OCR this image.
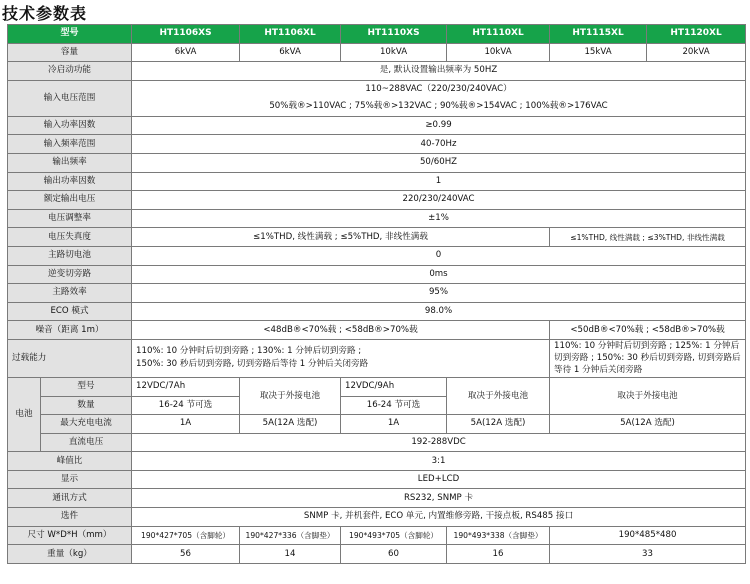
技术参数表
型号		HT1106XS	HT1106XL	HT1110XS	HT1110XL	HT1115XL	HT1120XL
容量		6kVA	6kVA	10kVA	10kVA	15kVA	20kVA
冷启动功能		是, 默认设置输出频率为 50HZ					
输入电压范围		110~288VAC（220/230/240VAC）
50%载®>110VAC ; 75%载®>132VAC ; 90%载®>154VAC ; 100%载®>176VAC					

输入功率因数		≥0.99					
输入频率范围		40-70Hz					
输出频率		50/60HZ					
输出功率因数		1					
额定输出电压		220/230/240VAC					
电压调整率		±1%					
电压失真度		≤1%THD, 线性满载 ; ≤5%THD, 非线性满载				≤1%THD, 线性满载 ; ≤3%THD, 非线性满载	
主路切电池		0					
逆变切旁路		0ms					
主路效率		95%					
ECO 模式		98.0%					
噪音（距离 1m）		<48dB®<70%载 ; <58dB®>70%载				<50dB®<70%载 ; <58dB®>70%载	
过载能力		110%: 10 分钟时后切到旁路 ; 130%: 1 分钟后切到旁路 ;
150%: 30 秒后切到旁路, 切到旁路后等待 1 分钟后关闭旁路				110%: 10 分钟时后切到旁路 ; 125%: 1 分钟后切到旁路 ; 150%: 30 秒后切到旁路, 切到旁路后等待 1 分钟后关闭旁路	
电池	型号	12VDC/7Ah	取决于外接电池	12VDC/9Ah	取决于外接电池	取决于外接电池	
	数量	16-24 节可选		16-24 节可选			
	最大充电电流	1A	5A(12A 选配)	1A	5A(12A 选配)	5A(12A 选配)	
	直流电压	192-288VDC					
峰值比		3:1					
显示		LED+LCD					
通讯方式		RS232, SNMP 卡					
选件		SNMP 卡, 并机套件, ECO 单元, 内置维修旁路, 干接点板, RS485 接口					
尺寸 W*D*H（mm）		190*427*705（含脚轮）	190*427*336（含脚垫）	190*493*705（含脚轮）	190*493*338（含脚垫）	190*485*480	
重量（kg）		56	14	60	16	33	
